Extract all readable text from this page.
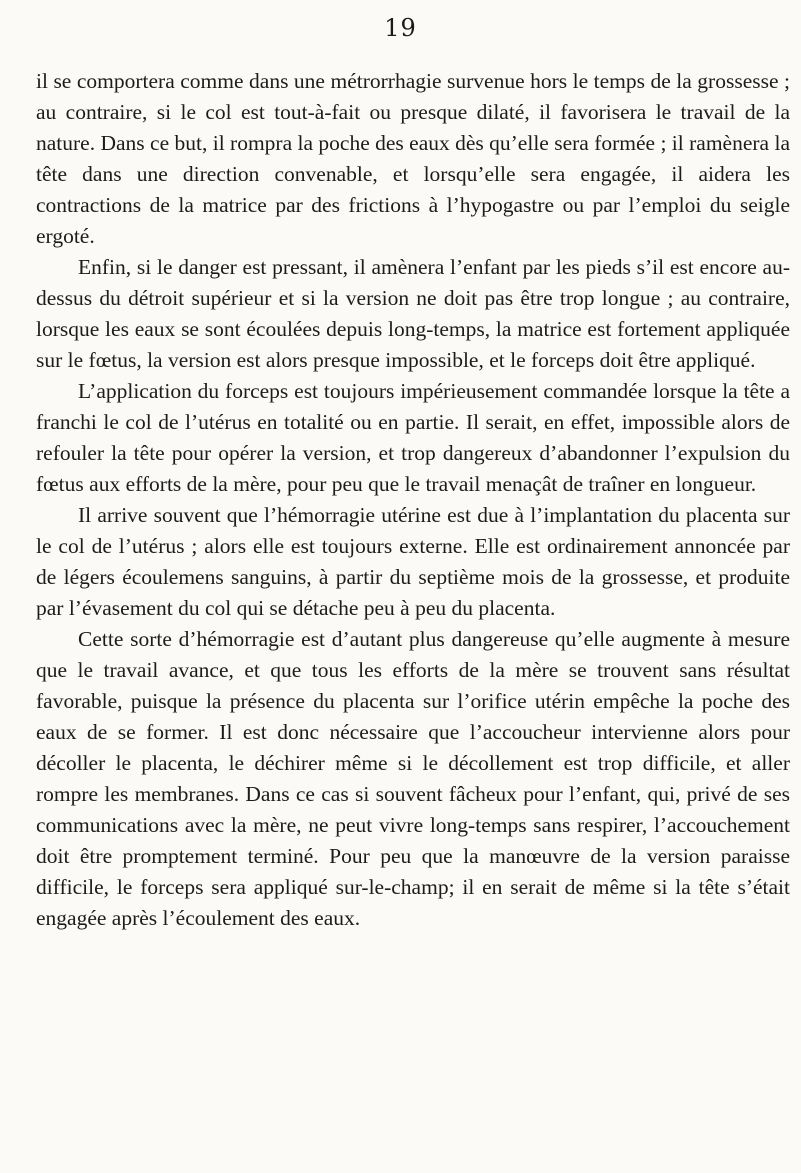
19

il se comportera comme dans une métrorrhagie survenue hors le temps de la grossesse ; au contraire, si le col est tout-à-fait ou presque dilaté, il favorisera le travail de la nature. Dans ce but, il rompra la poche des eaux dès qu’elle sera formée ; il ramènera la tête dans une direction convenable, et lorsqu’elle sera engagée, il aidera les contractions de la matrice par des frictions à l’hypogastre ou par l’emploi du seigle ergoté.

Enfin, si le danger est pressant, il amènera l’enfant par les pieds s’il est encore au-dessus du détroit supérieur et si la version ne doit pas être trop longue ; au contraire, lorsque les eaux se sont écoulées depuis long-temps, la matrice est fortement appliquée sur le fœtus, la version est alors presque impossible, et le forceps doit être appliqué.

L’application du forceps est toujours impérieusement commandée lorsque la tête a franchi le col de l’utérus en totalité ou en partie. Il serait, en effet, impossible alors de refouler la tête pour opérer la version, et trop dangereux d’abandonner l’expulsion du fœtus aux efforts de la mère, pour peu que le travail menaçât de traîner en longueur.

Il arrive souvent que l’hémorragie utérine est due à l’implantation du placenta sur le col de l’utérus ; alors elle est toujours externe. Elle est ordinairement annoncée par de légers écoulemens sanguins, à partir du septième mois de la grossesse, et produite par l’évasement du col qui se détache peu à peu du placenta.

Cette sorte d’hémorragie est d’autant plus dangereuse qu’elle augmente à mesure que le travail avance, et que tous les efforts de la mère se trouvent sans résultat favorable, puisque la présence du placenta sur l’orifice utérin empêche la poche des eaux de se former. Il est donc nécessaire que l’accoucheur intervienne alors pour décoller le placenta, le déchirer même si le décollement est trop difficile, et aller rompre les membranes. Dans ce cas si souvent fâcheux pour l’enfant, qui, privé de ses communications avec la mère, ne peut vivre long-temps sans respirer, l’accouchement doit être promptement terminé. Pour peu que la manœuvre de la version paraisse difficile, le forceps sera appliqué sur-le-champ; il en serait de même si la tête s’était engagée après l’écoulement des eaux.
